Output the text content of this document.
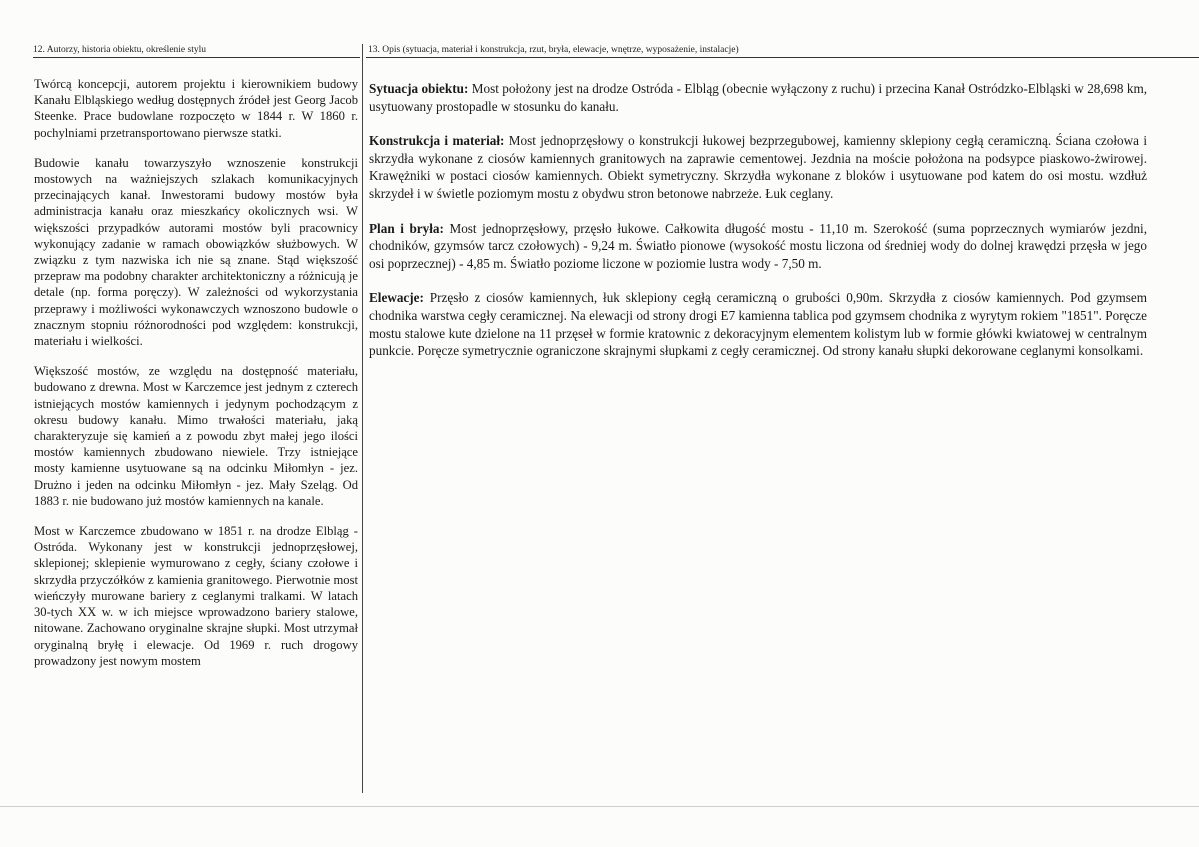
12. Autorzy, historia obiektu, określenie stylu	13. Opis (sytuacja, materiał i konstrukcja, rzut, bryła, elewacje, wnętrze, wyposażenie, instalacje)

Twórcą koncepcji, autorem projektu i kierownikiem budowy Kanału Elbląskiego według dostępnych źródeł jest Georg Jacob Steenke. Prace budowlane rozpoczęto w 1844 r. W 1860 r. pochylniami przetransportowano pierwsze statki.

Budowie kanału towarzyszyło wznoszenie konstrukcji mostowych na ważniejszych szlakach komunikacyjnych przecinających kanał. Inwestorami budowy mostów była administracja kanału oraz mieszkańcy okolicznych wsi. W większości przypadków autorami mostów byli pracownicy wykonujący zadanie w ramach obowiązków służbowych. W związku z tym nazwiska ich nie są znane. Stąd większość przepraw ma podobny charakter architektoniczny a różnicują je detale (np. forma poręczy). W zależności od wykorzystania przeprawy i możliwości wykonawczych wznoszono budowle o znacznym stopniu różnorodności pod względem: konstrukcji, materiału i wielkości.

Większość mostów, ze względu na dostępność materiału, budowano z drewna. Most w Karczemce jest jednym z czterech istniejących mostów kamiennych i jedynym pochodzącym z okresu budowy kanału. Mimo trwałości materiału, jaką charakteryzuje się kamień a z powodu zbyt małej jego ilości mostów kamiennych zbudowano niewiele. Trzy istniejące mosty kamienne usytuowane są na odcinku Miłomłyn - jez. Drużno i jeden na odcinku Miłomłyn - jez. Mały Szeląg. Od 1883 r. nie budowano już mostów kamiennych na kanale.

Most w Karczemce zbudowano w 1851 r. na drodze Elbląg - Ostróda. Wykonany jest w konstrukcji jednoprzęsłowej, sklepionej; sklepienie wymurowano z cegły, ściany czołowe i skrzydła przyczółków z kamienia granitowego. Pierwotnie most wieńczyły murowane bariery z ceglanymi tralkami. W latach 30-tych XX w. w ich miejsce wprowadzono bariery stalowe, nitowane. Zachowano oryginalne skrajne słupki. Most utrzymał oryginalną bryłę i elewacje. Od 1969 r. ruch drogowy prowadzony jest nowym mostem

Sytuacja obiektu: Most położony jest na drodze Ostróda - Elbląg (obecnie wyłączony z ruchu) i przecina Kanał Ostródzko-Elbląski w 28,698 km, usytuowany prostopadle w stosunku do kanału.

Konstrukcja i materiał: Most jednoprzęsłowy o konstrukcji łukowej bezprzegubowej, kamienny sklepiony cegłą ceramiczną. Ściana czołowa i skrzydła wykonane z ciosów kamiennych granitowych na zaprawie cementowej. Jezdnia na moście położona na podsypce piaskowo-żwirowej. Krawężniki w postaci ciosów kamiennych. Obiekt symetryczny. Skrzydła wykonane z bloków i usytuowane pod katem do osi mostu. wzdłuż skrzydeł i w świetle poziomym mostu z obydwu stron betonowe nabrzeże. Łuk ceglany.

Plan i bryła: Most jednoprzęsłowy, przęsło łukowe. Całkowita długość mostu - 11,10 m. Szerokość (suma poprzecznych wymiarów jezdni, chodników, gzymsów tarcz czołowych) - 9,24 m. Światło pionowe (wysokość mostu liczona od średniej wody do dolnej krawędzi przęsła w jego osi poprzecznej) - 4,85 m. Światło poziome liczone w poziomie lustra wody - 7,50 m.

Elewacje: Przęsło z ciosów kamiennych, łuk sklepiony cegłą ceramiczną o grubości 0,90m. Skrzydła z ciosów kamiennych. Pod gzymsem chodnika warstwa cegły ceramicznej. Na elewacji od strony drogi E7 kamienna tablica pod gzymsem chodnika z wyrytym rokiem "1851". Poręcze mostu stalowe kute dzielone na 11 przęseł w formie kratownic z dekoracyjnym elementem kolistym lub w formie główki kwiatowej w centralnym punkcie. Poręcze symetrycznie ograniczone skrajnymi słupkami z cegły ceramicznej. Od strony kanału słupki dekorowane ceglanymi konsolkami.
